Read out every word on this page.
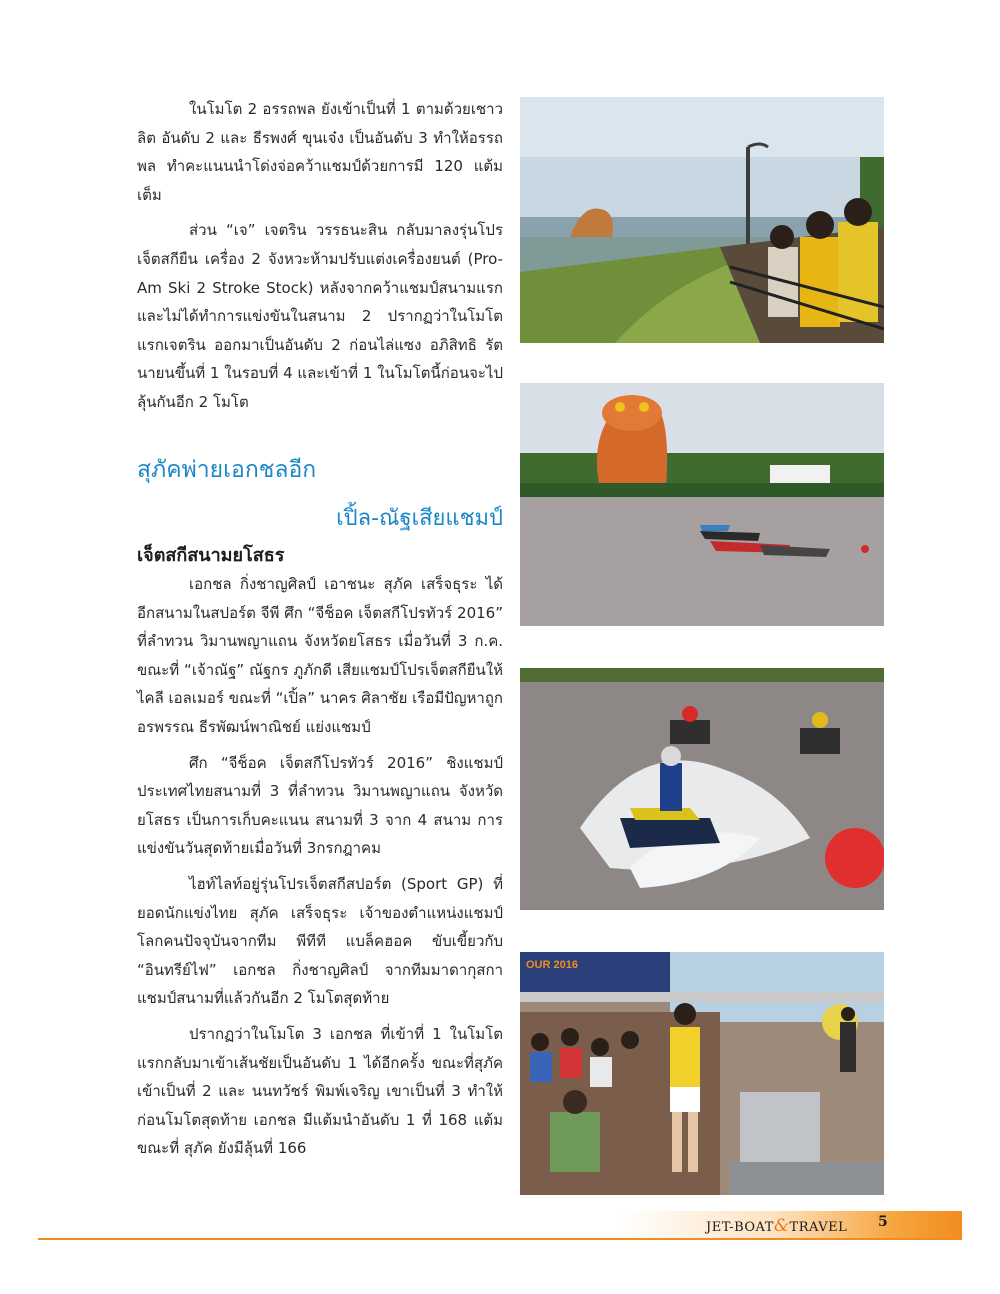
ในโมโต 2 อรรถพล ยังเข้าเป็นที่ 1 ตามด้วยเชาวลิต อันดับ 2 และ ธีรพงศ์ ขุนเจ๋ง เป็นอันดับ 3 ทำให้อรรถพล ทำคะแนนนำโด่งจ่อคว้าแชมป์ด้วยการมี 120 แต้มเต็ม

ส่วน “เจ” เจตริน วรรธนะสิน กลับมาลงรุ่นโปรเจ็ตสกียืน เครื่อง 2 จังหวะห้ามปรับแต่งเครื่องยนต์ (Pro-Am Ski 2 Stroke Stock) หลังจากคว้าแชมป์สนามแรกและไม่ได้ทำการแข่งขันในสนาม 2 ปรากฏว่าในโมโตแรกเจตริน ออกมาเป็นอันดับ 2 ก่อนไล่แซง อภิสิทธิ รัตนายนขึ้นที่ 1 ในรอบที่ 4 และเข้าที่ 1 ในโมโตนี้ก่อนจะไปลุ้นกันอีก 2 โมโต

สุภัคพ่ายเอกชลอีก
เปิ้ล-ณัฐเสียแชมป์
เจ็ตสกีสนามยโสธร

เอกชล กิ่งชาญศิลป์ เอาชนะ สุภัค เสร็จธุระ ได้อีกสนามในสปอร์ต จีพี ศึก “จีช็อค เจ็ตสกีโปรทัวร์ 2016” ที่ลำทวน วิมานพญาแถน จังหวัดยโสธร เมื่อวันที่ 3 ก.ค. ขณะที่ “เจ้าณัฐ” ณัฐกร ภูภักดี เสียแชมป์โปรเจ็ตสกียืนให้ไคลี เอลเมอร์ ขณะที่ “เปิ้ล” นาคร ศิลาชัย เรือมีปัญหาถูก อรพรรณ ธีรพัฒน์พาณิชย์ แย่งแชมป์

ศึก “จีช็อค เจ็ตสกีโปรทัวร์ 2016” ชิงแชมป์ประเทศไทยสนามที่ 3 ที่ลำทวน วิมานพญาแถน จังหวัดยโสธร เป็นการเก็บคะแนน สนามที่ 3 จาก 4 สนาม การแข่งขันวันสุดท้ายเมื่อวันที่ 3กรกฎาคม

ไฮท์ไลท์อยู่รุ่นโปรเจ็ตสกีสปอร์ต (Sport GP) ที่ยอดนักแข่งไทย สุภัค เสร็จธุระ เจ้าของตำแหน่งแชมป์โลกคนปัจจุบันจากทีม พีทีที แบล็คฮอค ขับเขี้ยวกับ “อินทรีย์ไฟ” เอกชล กิ่งชาญศิลป์ จากทีมมาดากุสกาแชมป์สนามที่แล้วกันอีก 2 โมโตสุดท้าย

ปรากฏว่าในโมโต 3 เอกชล ที่เข้าที่ 1 ในโมโตแรกกลับมาเข้าเส้นชัยเป็นอันดับ 1 ได้อีกครั้ง ขณะที่สุภัค เข้าเป็นที่ 2 และ นนทวัชร์ พิมพ์เจริญ เขาเป็นที่ 3 ทำให้ก่อนโมโตสุดท้าย เอกชล มีแต้มนำอันดับ 1 ที่ 168 แต้ม ขณะที่ สุภัค ยังมีลุ้นที่ 166

OUR 2016
JET-BOAT&TRAVEL 5
